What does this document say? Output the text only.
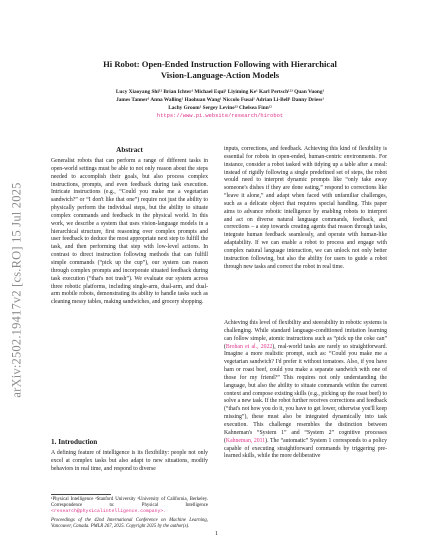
arXiv:2502.19417v2 [cs.RO] 15 Jul 2025
Hi Robot: Open-Ended Instruction Following with Hierarchical
Vision-Language-Action Models
Lucy Xiaoyang Shi¹² Brian Ichter¹ Michael Equi¹ Liyiming Ke¹ Karl Pertsch¹²³ Quan Vuong¹
James Tanner¹ Anna Walling¹ Haohuan Wang¹ Niccolo Fusai¹ Adrian Li-Bell¹ Danny Driess¹
Lachy Groom¹ Sergey Levine¹³ Chelsea Finn¹²
https://www.pi.website/research/hirobot
Abstract

Generalist robots that can perform a range of different tasks in open-world settings must be able to not only reason about the steps needed to accomplish their goals, but also process complex instructions, prompts, and even feedback during task execution. Intricate instructions (e.g., “Could you make me a vegetarian sandwich?” or “I don't like that one”) require not just the ability to physically perform the individual steps, but the ability to situate complex commands and feedback in the physical world. In this work, we describe a system that uses vision-language models in a hierarchical structure, first reasoning over complex prompts and user feedback to deduce the most appropriate next step to fulfill the task, and then performing that step with low-level actions. In contrast to direct instruction following methods that can fulfill simple commands (“pick up the cup”), our system can reason through complex prompts and incorporate situated feedback during task execution (“that's not trash”). We evaluate our system across three robotic platforms, including single-arm, dual-arm, and dual-arm mobile robots, demonstrating its ability to handle tasks such as cleaning messy tables, making sandwiches, and grocery shopping.

1. Introduction

A defining feature of intelligence is its flexibility: people not only excel at complex tasks but also adapt to new situations, modify behaviors in real time, and respond to diverse

¹Physical Intelligence ²Stanford University ³University of California, Berkeley. Correspondence to: Physical Intelligence <research@physicalintelligence.company>.

Proceedings of the 42nd International Conference on Machine Learning, Vancouver, Canada. PMLR 267, 2025. Copyright 2025 by the author(s).

inputs, corrections, and feedback. Achieving this kind of flexibility is essential for robots in open-ended, human-centric environments. For instance, consider a robot tasked with tidying up a table after a meal: instead of rigidly following a single predefined set of steps, the robot would need to interpret dynamic prompts like “only take away someone's dishes if they are done eating,” respond to corrections like “leave it alone,” and adapt when faced with unfamiliar challenges, such as a delicate object that requires special handling. This paper aims to advance robotic intelligence by enabling robots to interpret and act on diverse natural language commands, feedback, and corrections – a step towards creating agents that reason through tasks, integrate human feedback seamlessly, and operate with human-like adaptability. If we can enable a robot to process and engage with complex natural language interaction, we can unlock not only better instruction following, but also the ability for users to guide a robot through new tasks and correct the robot in real time.

Achieving this level of flexibility and steerability in robotic systems is challenging. While standard language-conditioned imitation learning can follow simple, atomic instructions such as “pick up the coke can” (Brohan et al., 2022), real-world tasks are rarely so straightforward. Imagine a more realistic prompt, such as: “Could you make me a vegetarian sandwich? I'd prefer it without tomatoes. Also, if you have ham or roast beef, could you make a separate sandwich with one of those for my friend?” This requires not only understanding the language, but also the ability to situate commands within the current context and compose existing skills (e.g., picking up the roast beef) to solve a new task. If the robot further receives corrections and feedback (“that's not how you do it, you have to get lower, otherwise you'll keep missing”), these must also be integrated dynamically into task execution. This challenge resembles the distinction between Kahneman's “System 1” and “System 2” cognitive processes (Kahneman, 2011). The “automatic” System 1 corresponds to a policy capable of executing straightforward commands by triggering pre-learned skills, while the more deliberative

1
